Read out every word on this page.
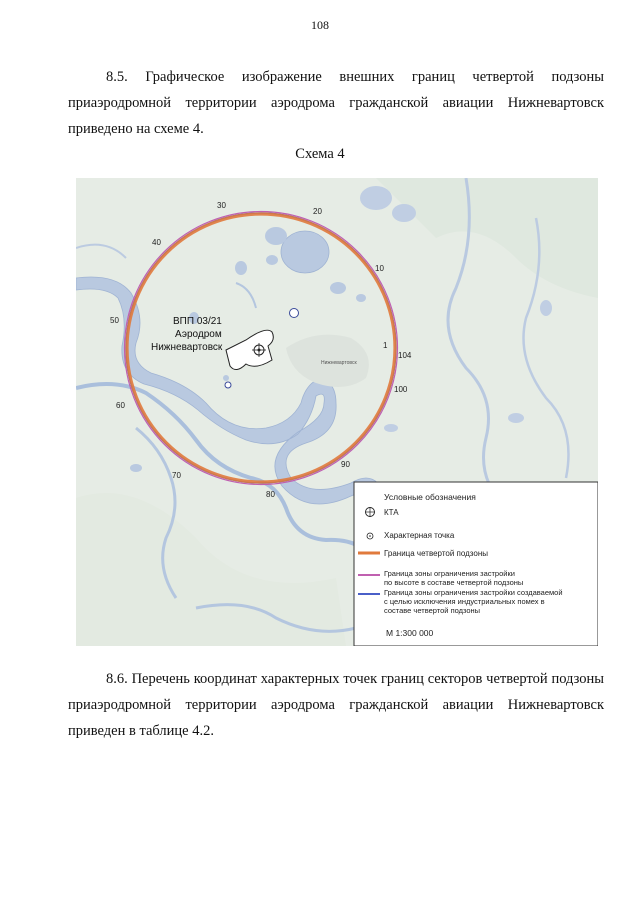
108

8.5. Графическое изображение внешних границ четвертой подзоны приаэродромной территории аэродрома гражданской авиации Нижневартовск приведено на схеме 4.

Схема 4
Нижневартовск
ВПП 03/21
Аэродром
Нижневартовск
30
20
10
1
104
100
90
80
70
60
50
40
Условные обозначения
КТА
Характерная точка
Граница четвертой подзоны
Граница зоны ограничения застройки
по высоте в составе четвертой подзоны
Граница зоны ограничения застройки создаваемой
с целью исключения индустриальных помех в
составе четвертой подзоны
М 1:300 000

8.6. Перечень координат характерных точек границ секторов четвертой подзоны приаэродромной территории аэродрома гражданской авиации Нижневартовск приведен в таблице 4.2.
